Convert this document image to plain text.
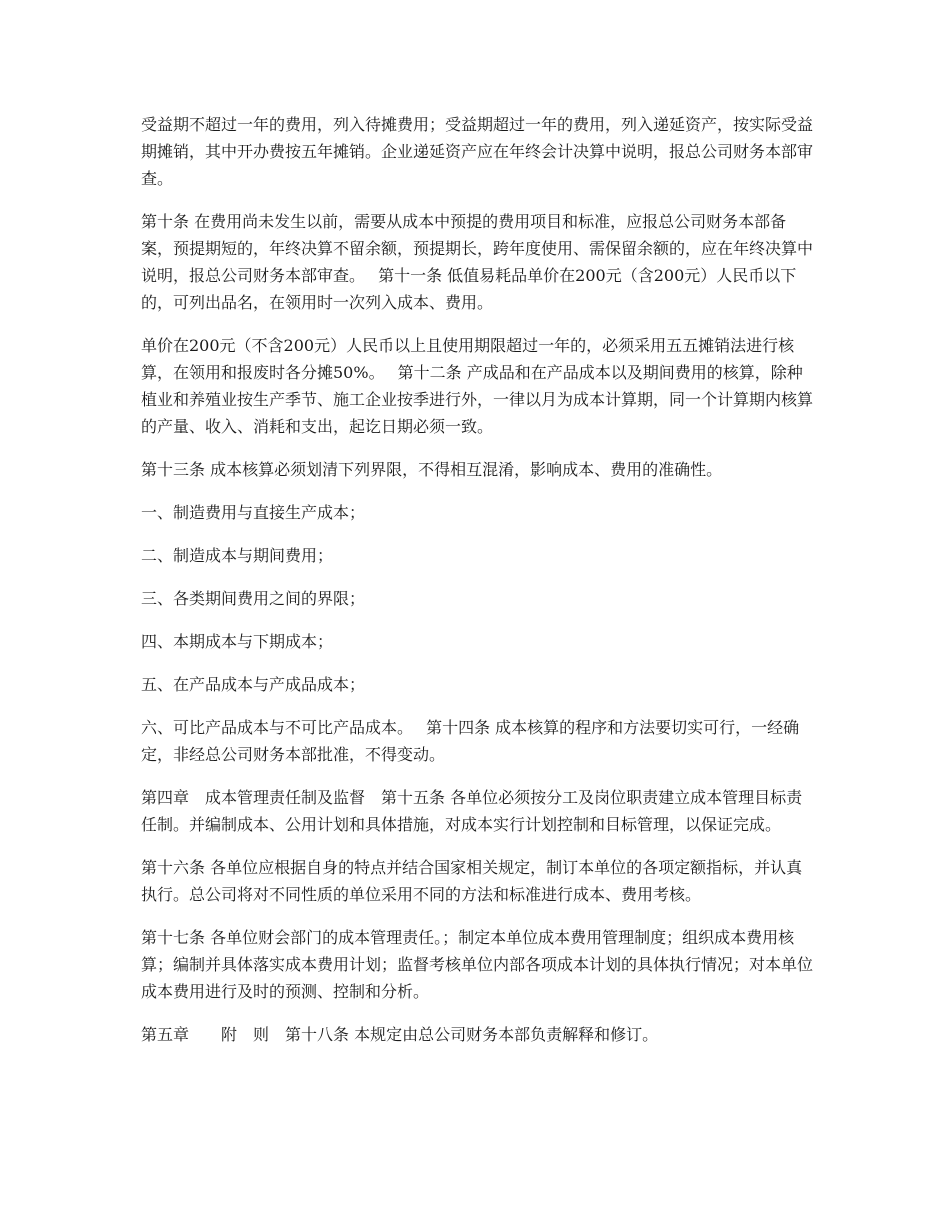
受益期不超过一年的费用，列入待摊费用；受益期超过一年的费用，列入递延资产，按实际受益期摊销，其中开办费按五年摊销。企业递延资产应在年终会计决算中说明，报总公司财务本部审查。

第十条 在费用尚未发生以前，需要从成本中预提的费用项目和标准，应报总公司财务本部备案，预提期短的，年终决算不留余额，预提期长，跨年度使用、需保留余额的，应在年终决算中说明，报总公司财务本部审查。　 第十一条 低值易耗品单价在200元（含200元）人民币以下的，可列出品名，在领用时一次列入成本、费用。

单价在200元（不含200元）人民币以上且使用期限超过一年的，必须采用五五摊销法进行核算，在领用和报废时各分摊50%。　 第十二条 产成品和在产品成本以及期间费用的核算，除种植业和养殖业按生产季节、施工企业按季进行外，一律以月为成本计算期，同一个计算期内核算的产量、收入、消耗和支出，起讫日期必须一致。

第十三条 成本核算必须划清下列界限，不得相互混淆，影响成本、费用的准确性。

一、制造费用与直接生产成本；

二、制造成本与期间费用；

三、各类期间费用之间的界限；

四、本期成本与下期成本；

五、在产品成本与产成品成本；

六、可比产品成本与不可比产品成本。　 第十四条 成本核算的程序和方法要切实可行，一经确定，非经总公司财务本部批准，不得变动。

第四章　成本管理责任制及监督　第十五条 各单位必须按分工及岗位职责建立成本管理目标责任制。并编制成本、公用计划和具体措施，对成本实行计划控制和目标管理，以保证完成。

第十六条 各单位应根据自身的特点并结合国家相关规定，制订本单位的各项定额指标，并认真执行。总公司将对不同性质的单位采用不同的方法和标准进行成本、费用考核。

第十七条 各单位财会部门的成本管理责任。；制定本单位成本费用管理制度；组织成本费用核算；编制并具体落实成本费用计划；监督考核单位内部各项成本计划的具体执行情况；对本单位成本费用进行及时的预测、控制和分析。

第五章　　附　则　第十八条 本规定由总公司财务本部负责解释和修订。
